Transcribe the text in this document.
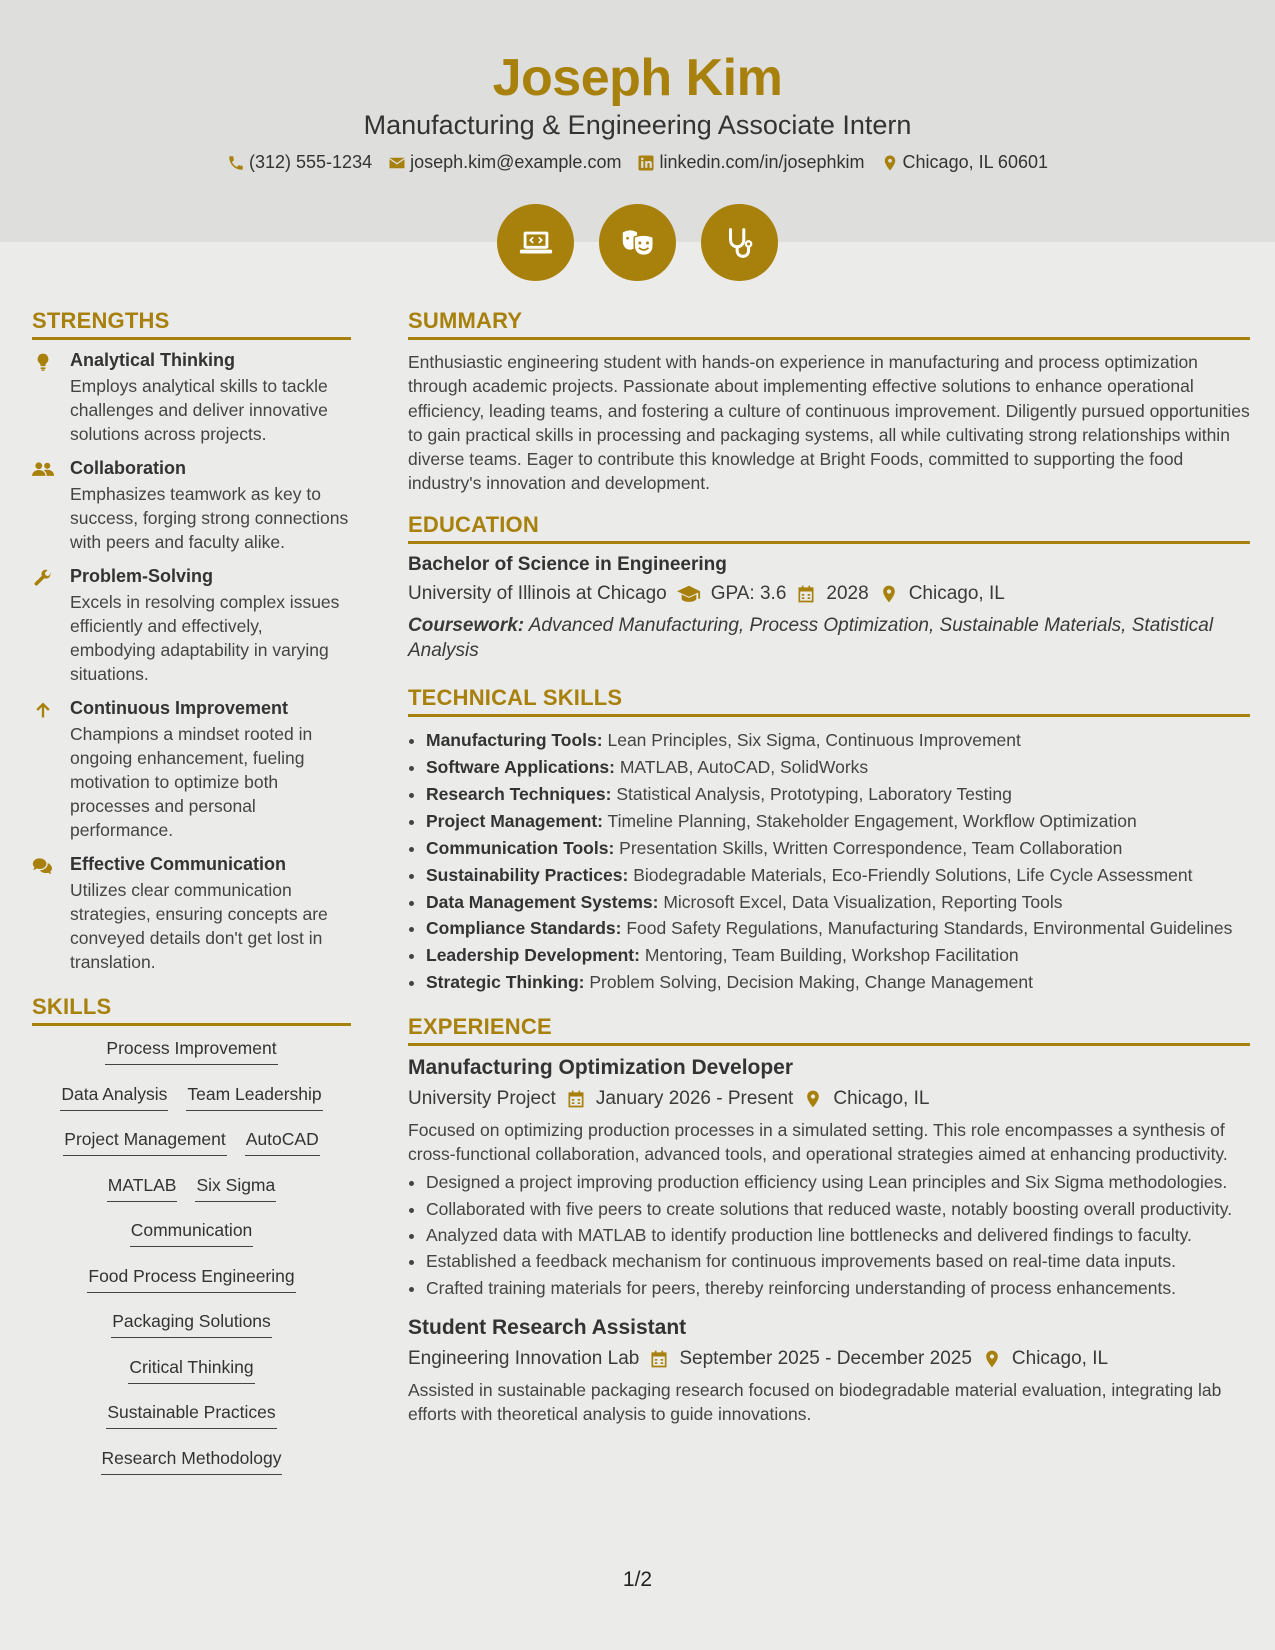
Joseph Kim
Manufacturing & Engineering Associate Intern
(312) 555-1234 joseph.kim@example.com linkedin.com/in/josephkim Chicago, IL 60601
STRENGTHS
Analytical Thinking
Employs analytical skills to tackle challenges and deliver innovative solutions across projects.
Collaboration
Emphasizes teamwork as key to success, forging strong connections with peers and faculty alike.
Problem-Solving
Excels in resolving complex issues efficiently and effectively, embodying adaptability in varying situations.
Continuous Improvement
Champions a mindset rooted in ongoing enhancement, fueling motivation to optimize both processes and personal performance.
Effective Communication
Utilizes clear communication strategies, ensuring concepts are conveyed details don't get lost in translation.
SKILLS
Process Improvement
Data Analysis Team Leadership
Project Management AutoCAD
MATLAB Six Sigma
Communication
Food Process Engineering
Packaging Solutions
Critical Thinking
Sustainable Practices
Research Methodology
SUMMARY

Enthusiastic engineering student with hands-on experience in manufacturing and process optimization through academic projects. Passionate about implementing effective solutions to enhance operational efficiency, leading teams, and fostering a culture of continuous improvement. Diligently pursued opportunities to gain practical skills in processing and packaging systems, all while cultivating strong relationships within diverse teams. Eager to contribute this knowledge at Bright Foods, committed to supporting the food industry's innovation and development.

EDUCATION
Bachelor of Science in Engineering
University of Illinois at Chicago GPA: 3.6 2028 Chicago, IL
Coursework: Advanced Manufacturing, Process Optimization, Sustainable Materials, Statistical Analysis
TECHNICAL SKILLS
• Manufacturing Tools: Lean Principles, Six Sigma, Continuous Improvement
• Software Applications: MATLAB, AutoCAD, SolidWorks
• Research Techniques: Statistical Analysis, Prototyping, Laboratory Testing
• Project Management: Timeline Planning, Stakeholder Engagement, Workflow Optimization
• Communication Tools: Presentation Skills, Written Correspondence, Team Collaboration
• Sustainability Practices: Biodegradable Materials, Eco-Friendly Solutions, Life Cycle Assessment
• Data Management Systems: Microsoft Excel, Data Visualization, Reporting Tools
• Compliance Standards: Food Safety Regulations, Manufacturing Standards, Environmental Guidelines
• Leadership Development: Mentoring, Team Building, Workshop Facilitation
• Strategic Thinking: Problem Solving, Decision Making, Change Management
EXPERIENCE
Manufacturing Optimization Developer
University Project January 2026 - Present Chicago, IL

Focused on optimizing production processes in a simulated setting. This role encompasses a synthesis of cross-functional collaboration, advanced tools, and operational strategies aimed at enhancing productivity.

• Designed a project improving production efficiency using Lean principles and Six Sigma methodologies.
• Collaborated with five peers to create solutions that reduced waste, notably boosting overall productivity.
• Analyzed data with MATLAB to identify production line bottlenecks and delivered findings to faculty.
• Established a feedback mechanism for continuous improvements based on real-time data inputs.
• Crafted training materials for peers, thereby reinforcing understanding of process enhancements.
Student Research Assistant
Engineering Innovation Lab September 2025 - December 2025 Chicago, IL

Assisted in sustainable packaging research focused on biodegradable material evaluation, integrating lab efforts with theoretical analysis to guide innovations.

1/2
